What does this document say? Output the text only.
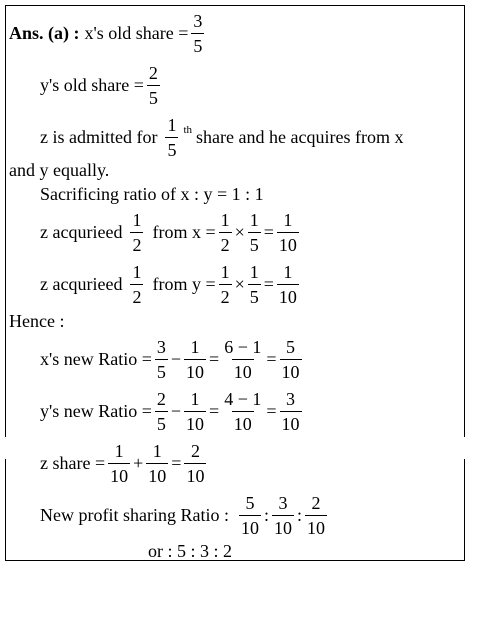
Ans. (a) : x's old share = $\frac{3}{5}$
y's old share = $\frac{2}{5}$
z is admitted for $\frac{1}{5}$ th share and he acquires from x
and y equally.
Sacrificing ratio of x : y = 1 : 1
z acqurieed $\frac{1}{2}$ from $x = \frac{1}{2} \times \frac{1}{5} = \frac{1}{10}$
z acqurieed $\frac{1}{2}$ from $y = \frac{1}{2} \times \frac{1}{5} = \frac{1}{10}$
Hence :
x's new Ratio = $\frac{3}{5} - \frac{1}{10} = \frac{6 - 1}{10} = \frac{5}{10}$
y's new Ratio = $\frac{2}{5} - \frac{1}{10} = \frac{4 - 1}{10} = \frac{3}{10}$
z share = $\frac{1}{10} + \frac{1}{10} = \frac{2}{10}$
New profit sharing Ratio : $\frac{5}{10}$ : $\frac{3}{10}$ : $\frac{2}{10}$
or : 5 : 3 : 2
